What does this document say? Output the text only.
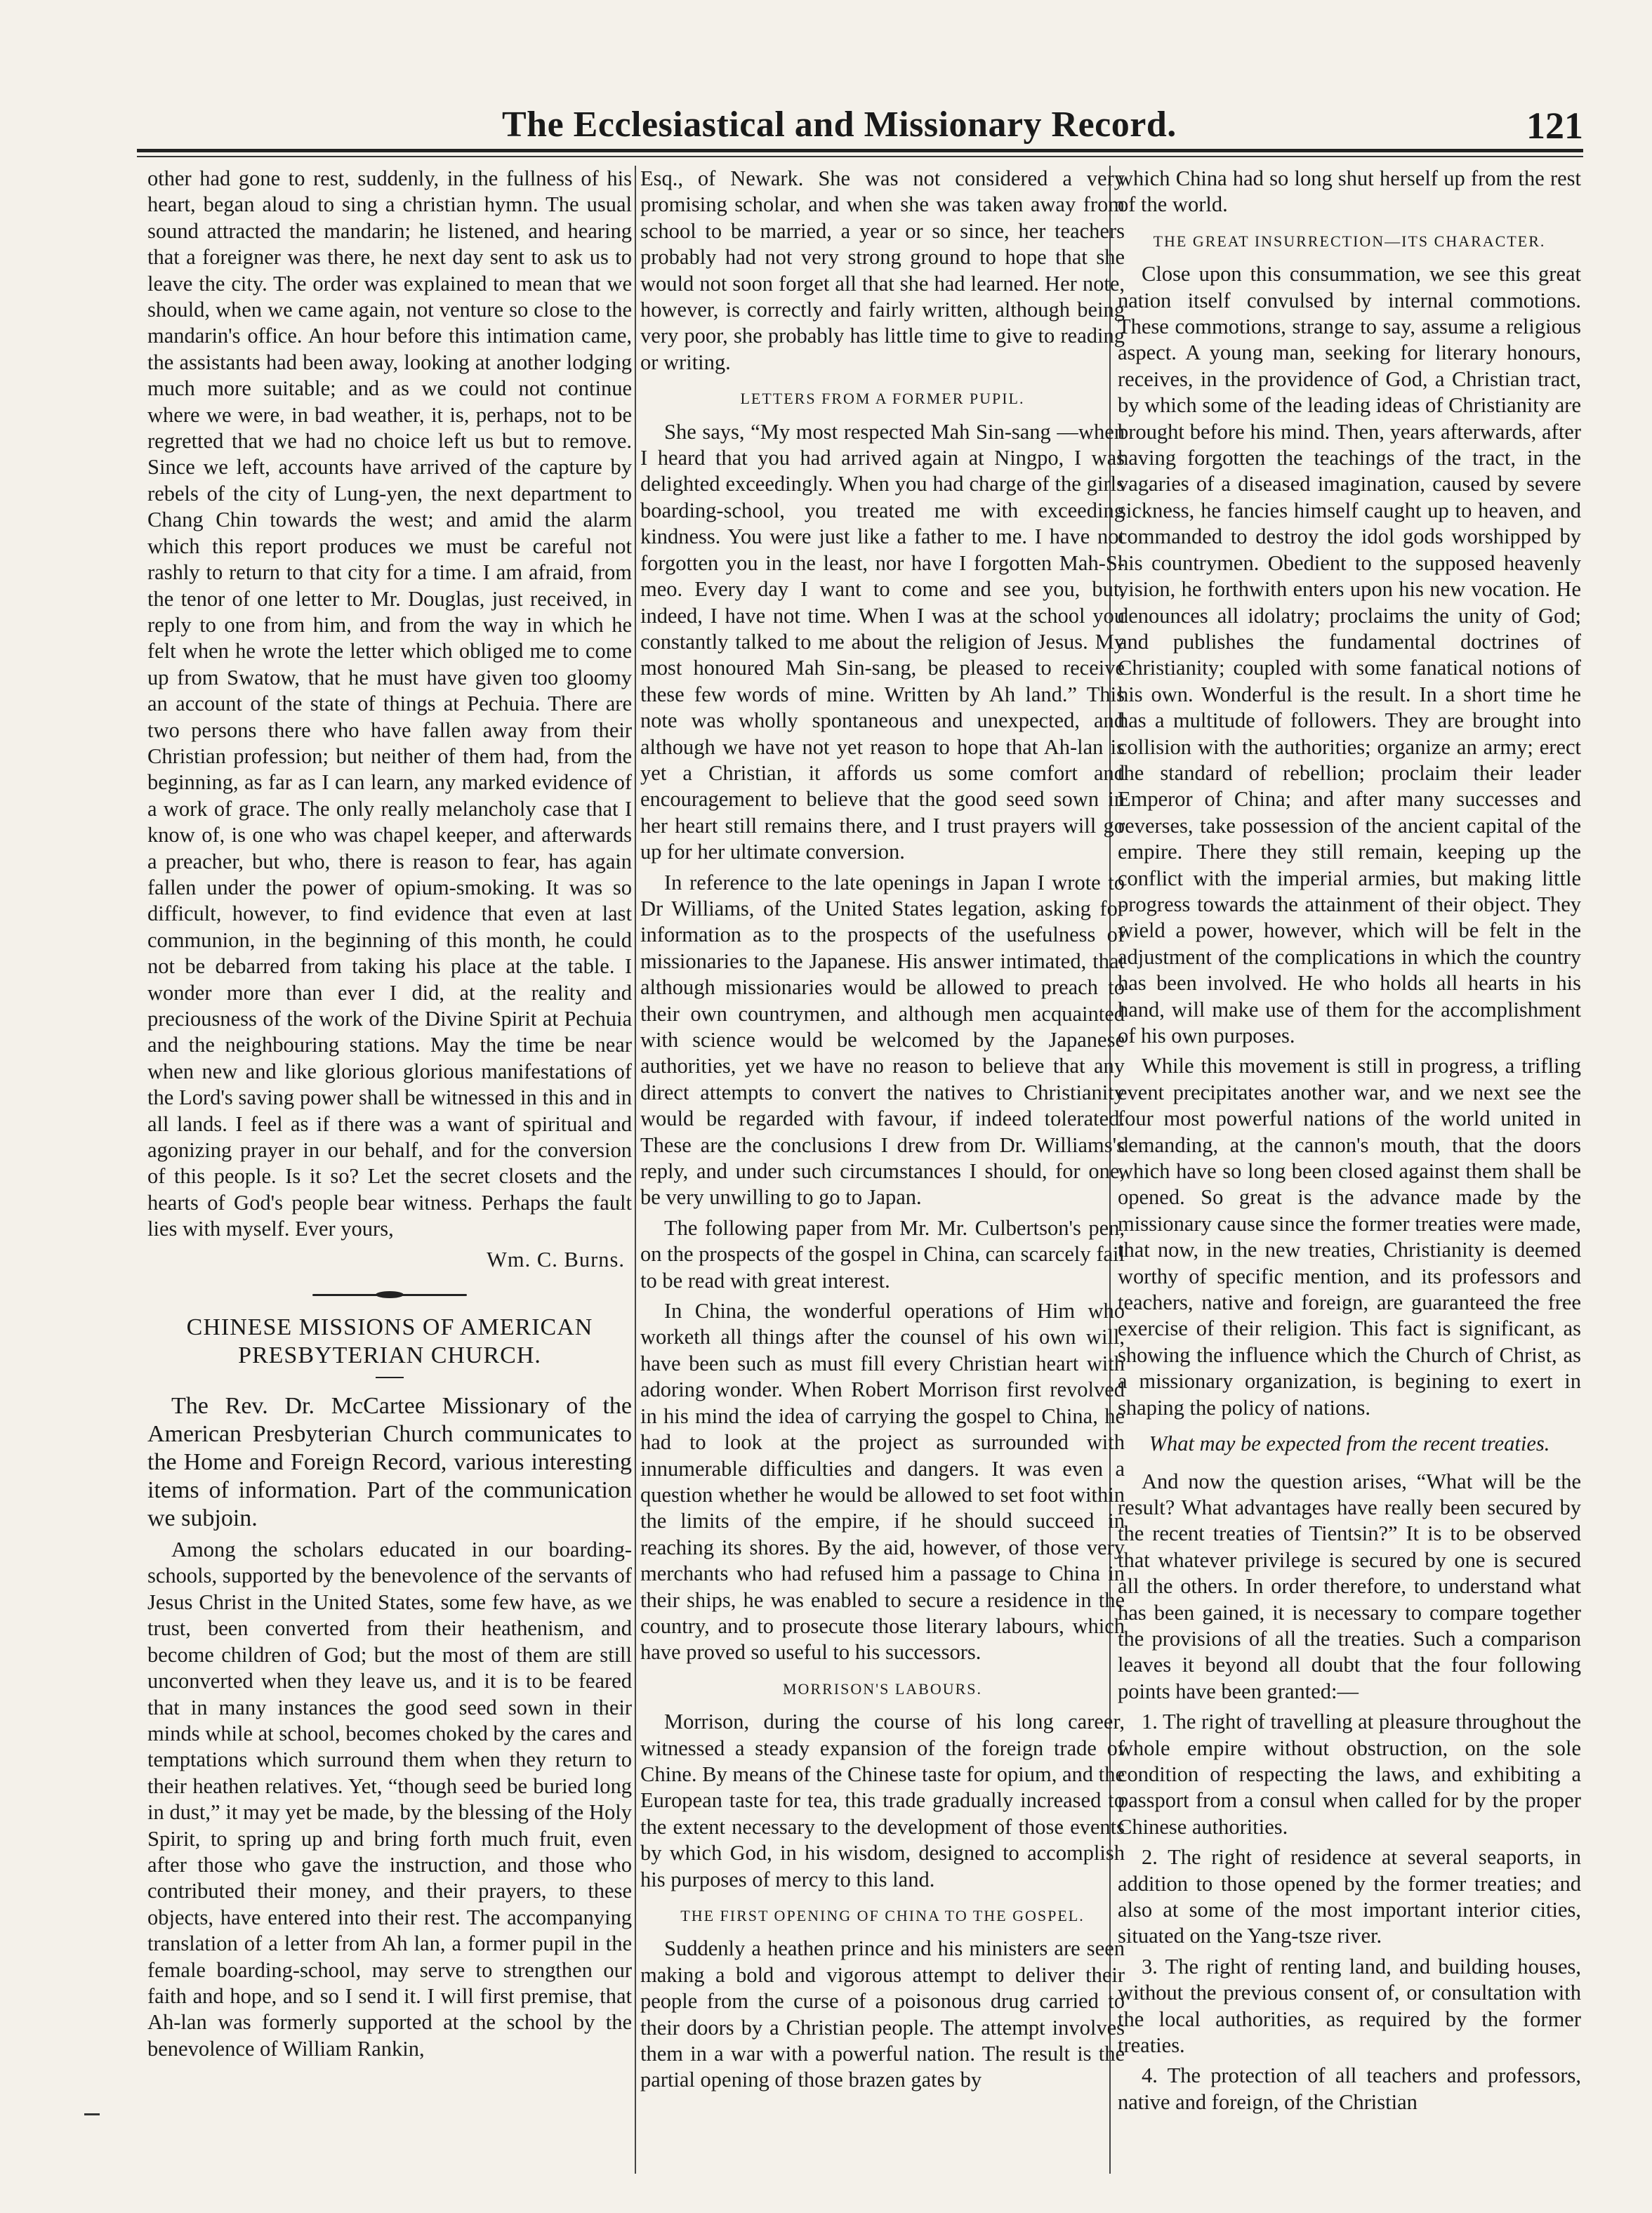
The Ecclesiastical and Missionary Record.	121

other had gone to rest, suddenly, in the fullness of his heart, began aloud to sing a christian hymn. The usual sound attracted the mandarin; he listened, and hearing that a foreigner was there, he next day sent to ask us to leave the city. The order was explained to mean that we should, when we came again, not venture so close to the mandarin's office. An hour before this intimation came, the assistants had been away, looking at another lodging much more suitable; and as we could not continue where we were, in bad weather, it is, perhaps, not to be regretted that we had no choice left us but to remove. Since we left, accounts have arrived of the capture by rebels of the city of Lung-yen, the next department to Chang Chin towards the west; and amid the alarm which this report produces we must be careful not rashly to return to that city for a time. I am afraid, from the tenor of one letter to Mr. Douglas, just received, in reply to one from him, and from the way in which he felt when he wrote the letter which obliged me to come up from Swatow, that he must have given too gloomy an account of the state of things at Pechuia. There are two persons there who have fallen away from their Christian profession; but neither of them had, from the beginning, as far as I can learn, any marked evidence of a work of grace. The only really melancholy case that I know of, is one who was chapel keeper, and afterwards a preacher, but who, there is reason to fear, has again fallen under the power of opium-smoking. It was so difficult, however, to find evidence that even at last communion, in the beginning of this month, he could not be debarred from taking his place at the table. I wonder more than ever I did, at the reality and preciousness of the work of the Divine Spirit at Pechuia and the neighbouring stations. May the time be near when new and like glorious glorious manifestations of the Lord's saving power shall be witnessed in this and in all lands. I feel as if there was a want of spiritual and agonizing prayer in our behalf, and for the conversion of this people. Is it so? Let the secret closets and the hearts of God's people bear witness. Perhaps the fault lies with myself. Ever yours,

Wm. C. Burns.
CHINESE MISSIONS OF AMERICAN PRESBYTERIAN CHURCH.

The Rev. Dr. McCartee Missionary of the American Presbyterian Church communicates to the Home and Foreign Record, various interesting items of information. Part of the communication we subjoin.

Among the scholars educated in our boarding-schools, supported by the benevolence of the servants of Jesus Christ in the United States, some few have, as we trust, been converted from their heathenism, and become children of God; but the most of them are still unconverted when they leave us, and it is to be feared that in many instances the good seed sown in their minds while at school, becomes choked by the cares and temptations which surround them when they return to their heathen relatives. Yet, “though seed be buried long in dust,” it may yet be made, by the blessing of the Holy Spirit, to spring up and bring forth much fruit, even after those who gave the instruction, and those who contributed their money, and their prayers, to these objects, have entered into their rest. The accompanying translation of a letter from Ah lan, a former pupil in the female boarding-school, may serve to strengthen our faith and hope, and so I send it. I will first premise, that Ah-lan was formerly supported at the school by the benevolence of William Rankin,

Esq., of Newark. She was not considered a very promising scholar, and when she was taken away from school to be married, a year or so since, her teachers probably had not very strong ground to hope that she would not soon forget all that she had learned. Her note, however, is correctly and fairly written, although being very poor, she probably has little time to give to reading or writing.

LETTERS FROM A FORMER PUPIL.

She says, “My most respected Mah Sin-sang —when I heard that you had arrived again at Ningpo, I was delighted exceedingly. When you had charge of the girls boarding-school, you treated me with exceeding kindness. You were just like a father to me. I have not forgotten you in the least, nor have I forgotten Mah-S-meo. Every day I want to come and see you, but, indeed, I have not time. When I was at the school you constantly talked to me about the religion of Jesus. My most honoured Mah Sin-sang, be pleased to receive these few words of mine. Written by Ah land.” This note was wholly spontaneous and unexpected, and although we have not yet reason to hope that Ah-lan is yet a Christian, it affords us some comfort and encouragement to believe that the good seed sown in her heart still remains there, and I trust prayers will go up for her ultimate conversion.

In reference to the late openings in Japan I wrote to Dr Williams, of the United States legation, asking for information as to the prospects of the usefulness of missionaries to the Japanese. His answer intimated, that although missionaries would be allowed to preach to their own countrymen, and although men acquainted with science would be welcomed by the Japanese authorities, yet we have no reason to believe that any direct attempts to convert the natives to Christianity would be regarded with favour, if indeed tolerated. These are the conclusions I drew from Dr. Williams's reply, and under such circumstances I should, for one, be very unwilling to go to Japan.

The following paper from Mr. Mr. Culbertson's pen, on the prospects of the gospel in China, can scarcely fail to be read with great interest.

In China, the wonderful operations of Him who worketh all things after the counsel of his own will, have been such as must fill every Christian heart with adoring wonder. When Robert Morrison first revolved in his mind the idea of carrying the gospel to China, he had to look at the project as surrounded with innumerable difficulties and dangers. It was even a question whether he would be allowed to set foot within the limits of the empire, if he should succeed in reaching its shores. By the aid, however, of those very merchants who had refused him a passage to China in their ships, he was enabled to secure a residence in the country, and to prosecute those literary labours, which have proved so useful to his successors.

MORRISON'S LABOURS.

Morrison, during the course of his long career, witnessed a steady expansion of the foreign trade of Chine. By means of the Chinese taste for opium, and the European taste for tea, this trade gradually increased to the extent necessary to the development of those events by which God, in his wisdom, designed to accomplish his purposes of mercy to this land.

THE FIRST OPENING OF CHINA TO THE GOSPEL.

Suddenly a heathen prince and his ministers are seen making a bold and vigorous attempt to deliver their people from the curse of a poisonous drug carried to their doors by a Christian people. The attempt involves them in a war with a powerful nation. The result is the partial opening of those brazen gates by

which China had so long shut herself up from the rest of the world.

THE GREAT INSURRECTION—ITS CHARACTER.

Close upon this consummation, we see this great nation itself convulsed by internal commotions. These commotions, strange to say, assume a religious aspect. A young man, seeking for literary honours, receives, in the providence of God, a Christian tract, by which some of the leading ideas of Christianity are brought before his mind. Then, years afterwards, after having forgotten the teachings of the tract, in the vagaries of a diseased imagination, caused by severe sickness, he fancies himself caught up to heaven, and commanded to destroy the idol gods worshipped by his countrymen. Obedient to the supposed heavenly vision, he forthwith enters upon his new vocation. He denounces all idolatry; proclaims the unity of God; and publishes the fundamental doctrines of Christianity; coupled with some fanatical notions of his own. Wonderful is the result. In a short time he has a multitude of followers. They are brought into collision with the authorities; organize an army; erect the standard of rebellion; proclaim their leader Emperor of China; and after many successes and reverses, take possession of the ancient capital of the empire. There they still remain, keeping up the conflict with the imperial armies, but making little progress towards the attainment of their object. They wield a power, however, which will be felt in the adjustment of the complications in which the country has been involved. He who holds all hearts in his hand, will make use of them for the accomplishment of his own purposes.

While this movement is still in progress, a trifling event precipitates another war, and we next see the four most powerful nations of the world united in demanding, at the cannon's mouth, that the doors which have so long been closed against them shall be opened. So great is the advance made by the missionary cause since the former treaties were made, that now, in the new treaties, Christianity is deemed worthy of specific mention, and its professors and teachers, native and foreign, are guaranteed the free exercise of their religion. This fact is significant, as showing the influence which the Church of Christ, as a missionary organization, is begining to exert in shaping the policy of nations.

What may be expected from the recent treaties.

And now the question arises, “What will be the result? What advantages have really been secured by the recent treaties of Tientsin?” It is to be observed that whatever privilege is secured by one is secured all the others. In order therefore, to understand what has been gained, it is necessary to compare together the provisions of all the treaties. Such a comparison leaves it beyond all doubt that the four following points have been granted:—

1. The right of travelling at pleasure throughout the whole empire without obstruction, on the sole condition of respecting the laws, and exhibiting a passport from a consul when called for by the proper Chinese authorities.

2. The right of residence at several seaports, in addition to those opened by the former treaties; and also at some of the most important interior cities, situated on the Yang-tsze river.

3. The right of renting land, and building houses, without the previous consent of, or consultation with the local authorities, as required by the former treaties.

4. The protection of all teachers and professors, native and foreign, of the Christian
